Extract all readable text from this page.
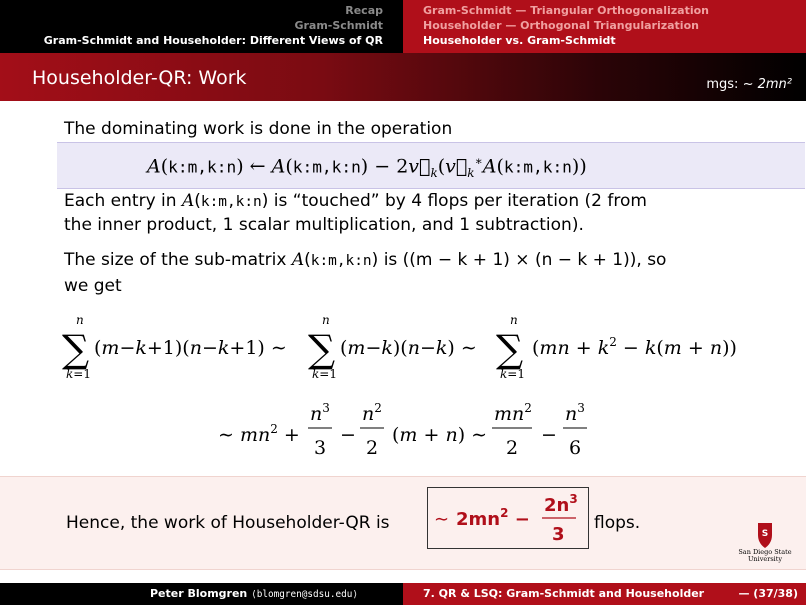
Recap
Gram-Schmidt
Gram-Schmidt and Householder: Different Views of QR
Gram-Schmidt — Triangular Orthogonalization
Householder — Orthogonal Triangularization
Householder vs. Gram-Schmidt
Householder-QR: Work	mgs: ~ 2mn²
The dominating work is done in the operation
A(k:m,k:n) ← A(k:m,k:n) − $2v⃗_k(v⃗_k^∗A(k:m,k:n))$
Each entry in A(k:m,k:n) is “touched” by 4 flops per iteration (2 from
the inner product, 1 scalar multiplication, and 1 subtraction).
The size of the sub-matrix A(k:m,k:n) is ((m − k + 1) × (n − k + 1)), so
we get
n
∑
k=1
(m−k+1)(n−k+1) ∼
n
∑
k=1
(m−k)(n−k) ∼
n
∑
k=1
$(mn + k^2 - k(m + n))$
∼ $mn^2$ +
$n^3$
3
−
$n^2$
2
(m + n) ∼
$mn^2$
2
−
$n^3$
6
Hence, the work of Householder-QR is ∼ $2mn^2$ −
$2n^3$
3
flops.
S
San Diego State
University
Peter Blomgren ⟨blomgren@sdsu.edu⟩	7. QR & LSQ: Gram-Schmidt and Householder	— (37/38)
